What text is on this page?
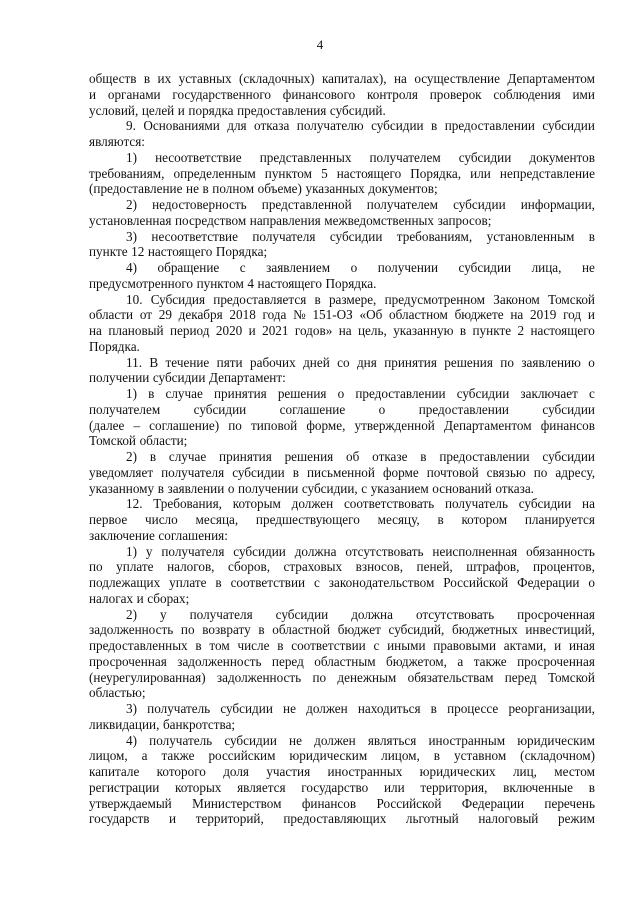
4
обществ в их уставных (складочных) капиталах), на осуществление Департаментом
и органами государственного финансового контроля проверок соблюдения ими
условий, целей и порядка предоставления субсидий.
9. Основаниями для отказа получателю субсидии в предоставлении субсидии
являются:
1) несоответствие представленных получателем субсидии документов
требованиям, определенным пунктом 5 настоящего Порядка, или непредставление
(предоставление не в полном объеме) указанных документов;
2) недостоверность представленной получателем субсидии информации,
установленная посредством направления межведомственных запросов;
3) несоответствие получателя субсидии требованиям, установленным в
пункте 12 настоящего Порядка;
4) обращение с заявлением о получении субсидии лица, не
предусмотренного пунктом 4 настоящего Порядка.
10. Субсидия предоставляется в размере, предусмотренном Законом Томской
области от 29 декабря 2018 года № 151-ОЗ «Об областном бюджете на 2019 год и
на плановый период 2020 и 2021 годов» на цель, указанную в пункте 2 настоящего
Порядка.
11. В течение пяти рабочих дней со дня принятия решения по заявлению о
получении субсидии Департамент:
1) в случае принятия решения о предоставлении субсидии заключает с
получателем	субсидии	соглашение	о	предоставлении	субсидии
(далее – соглашение) по типовой форме, утвержденной Департаментом финансов
Томской области;
2) в случае принятия решения об отказе в предоставлении субсидии
уведомляет получателя субсидии в письменной форме почтовой связью по адресу,
указанному в заявлении о получении субсидии, с указанием оснований отказа.
12. Требования, которым должен соответствовать получатель субсидии на
первое число месяца, предшествующего месяцу, в котором планируется
заключение соглашения:
1) у получателя субсидии должна отсутствовать неисполненная обязанность
по уплате налогов, сборов, страховых взносов, пеней, штрафов, процентов,
подлежащих уплате в соответствии с законодательством Российской Федерации о
налогах и сборах;
2) у получателя субсидии должна отсутствовать просроченная
задолженность по возврату в областной бюджет субсидий, бюджетных инвестиций,
предоставленных в том числе в соответствии с иными правовыми актами, и иная
просроченная задолженность перед областным бюджетом, а также просроченная
(неурегулированная) задолженность по денежным обязательствам перед Томской
областью;
3) получатель субсидии не должен находиться в процессе реорганизации,
ликвидации, банкротства;
4) получатель субсидии не должен являться иностранным юридическим
лицом, а также российским юридическим лицом, в уставном (складочном)
капитале которого доля участия иностранных юридических лиц, местом
регистрации которых является государство или территория, включенные в
утверждаемый Министерством финансов Российской Федерации перечень
государств и территорий, предоставляющих льготный налоговый режим
